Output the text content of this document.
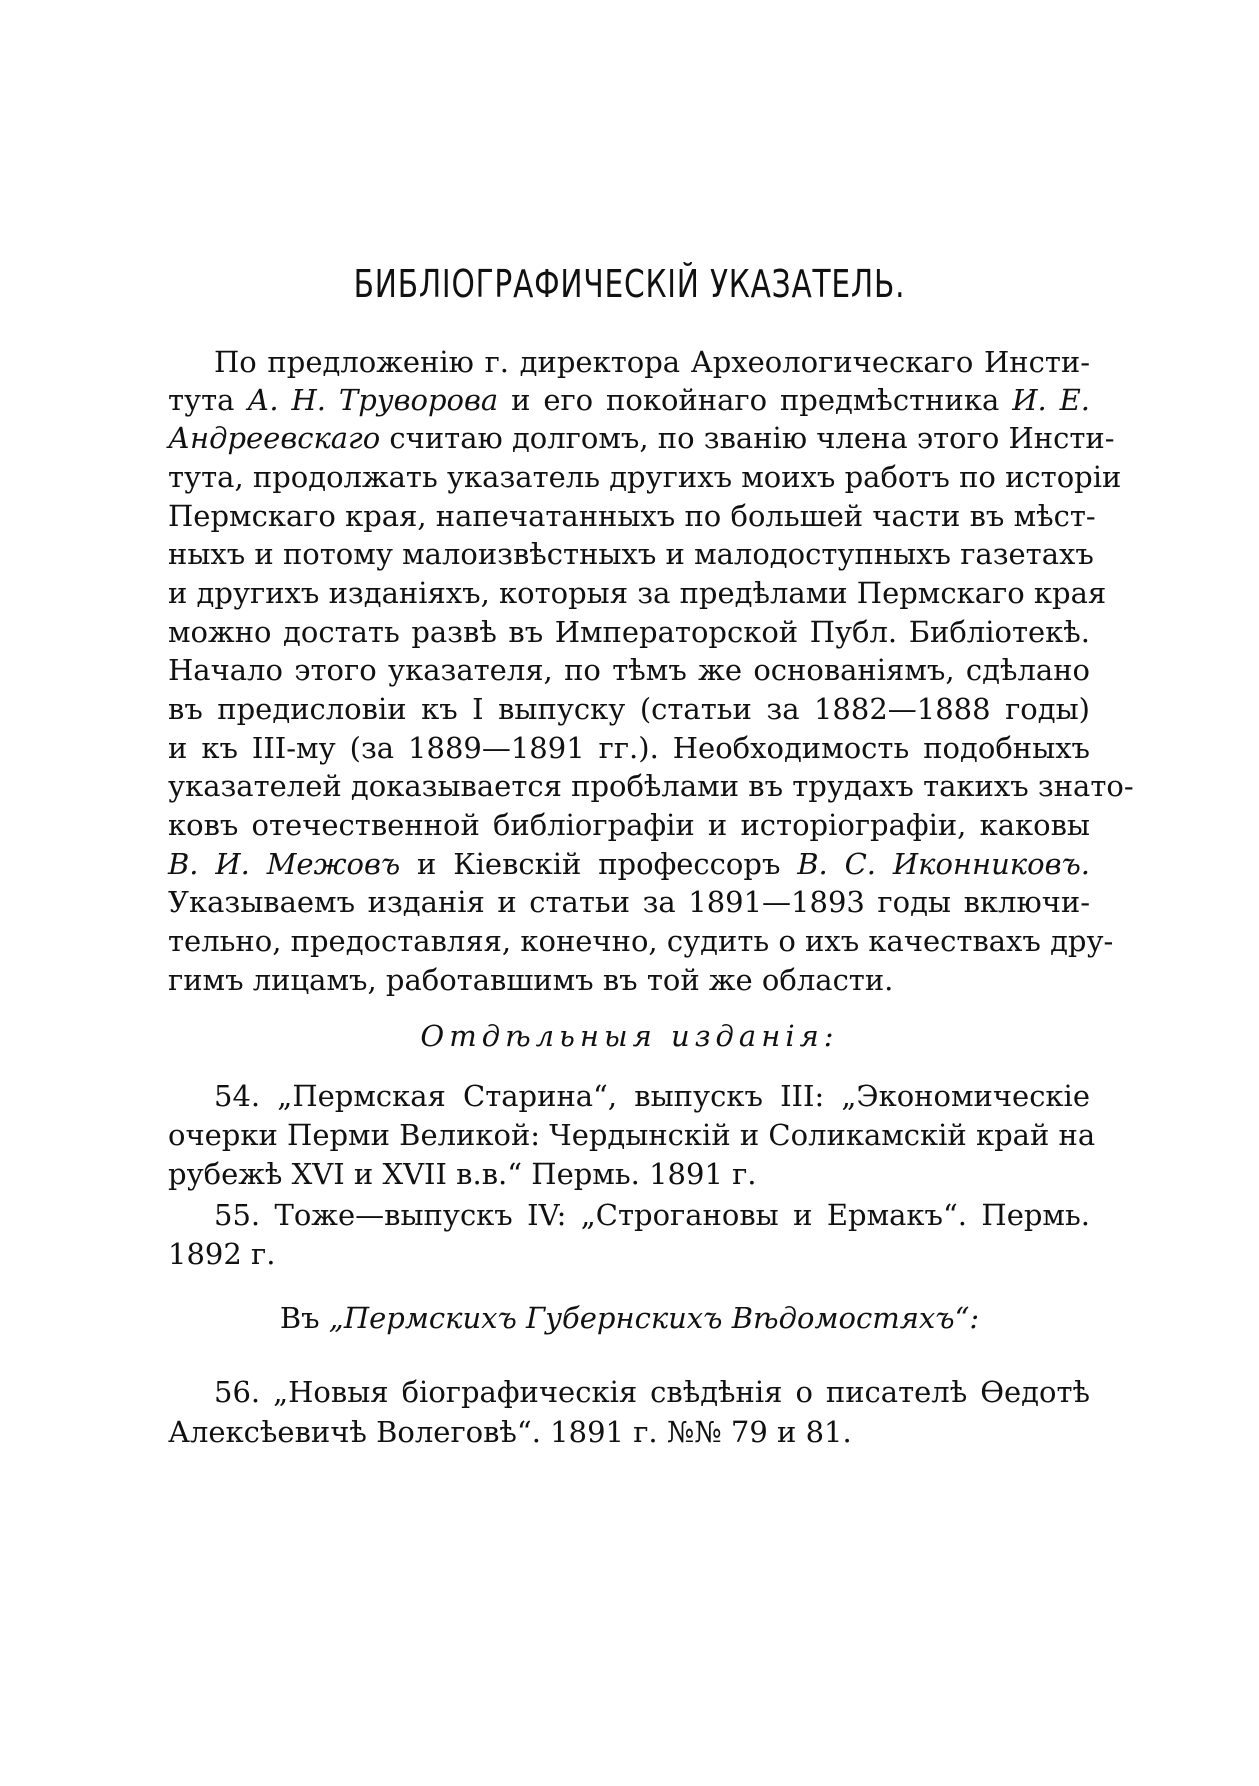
БИБЛІОГРАФИЧЕСКІЙ УКАЗАТЕЛЬ.
По предложенію г. директора Археологическаго Инсти-
тута А. Н. Труворова и его покойнаго предмѣстника И. Е.
Андреевскаго считаю долгомъ, по званію члена этого Инсти-
тута, продолжать указатель другихъ моихъ работъ по исторіи
Пермскаго края, напечатанныхъ по большей части въ мѣст-
ныхъ и потому малоизвѣстныхъ и малодоступныхъ газетахъ
и другихъ изданіяхъ, которыя за предѣлами Пермскаго края
можно достать развѣ въ Императорской Публ. Библіотекѣ.
Начало этого указателя, по тѣмъ же основаніямъ, сдѣлано
въ предисловіи къ I выпуску (статьи за 1882—1888 годы)
и къ III-му (за 1889—1891 гг.). Необходимость подобныхъ
указателей доказывается пробѣлами въ трудахъ такихъ знато-
ковъ отечественной библіографіи и исторіографіи, каковы
В. И. Межовъ и Кіевскій профессоръ В. С. Иконниковъ.
Указываемъ изданія и статьи за 1891—1893 годы включи-
тельно, предоставляя, конечно, судить о ихъ качествахъ дру-
гимъ лицамъ, работавшимъ въ той же области.
Отдѣльныя изданія:
54. „Пермская Старина“, выпускъ III: „Экономическіе
очерки Перми Великой: Чердынскій и Соликамскій край на
рубежѣ XVI и XVII в.в.“ Пермь. 1891 г.
55. Тоже—выпускъ IV: „Строгановы и Ермакъ“. Пермь.
1892 г.
Въ „Пермскихъ Губернскихъ Вѣдомостяхъ“:
56. „Новыя біографическія свѣдѣнія о писателѣ Ѳедотѣ
Алексѣевичѣ Волеговѣ“. 1891 г. №№ 79 и 81.
